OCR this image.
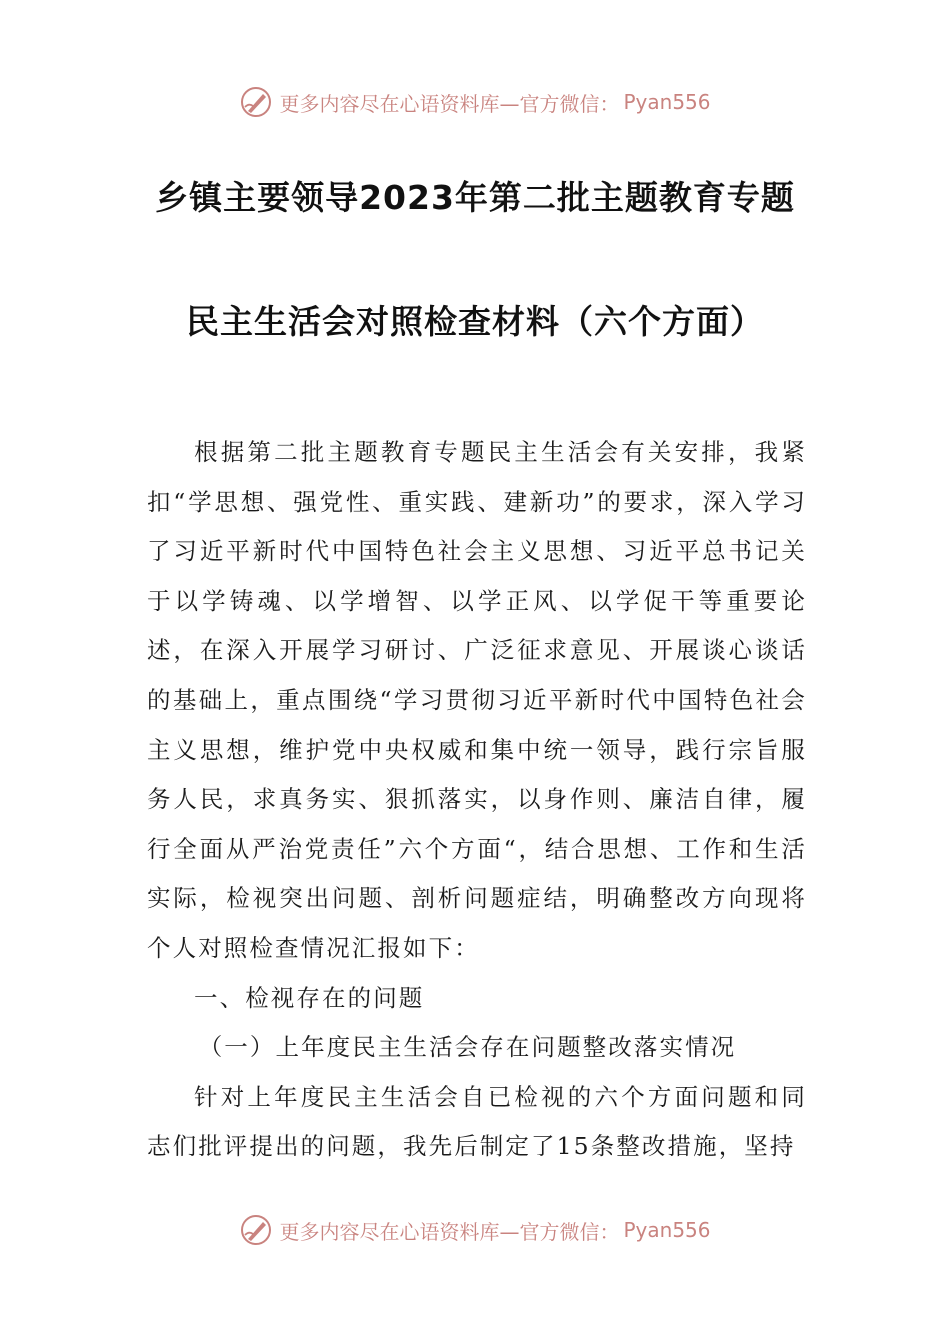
更多内容尽在心语资料库—官方微信： Pyan556
乡镇主要领导2023年第二批主题教育专题
民主生活会对照检查材料（六个方面）

根据第二批主题教育专题民主生活会有关安排，我紧扣“学思想、强党性、重实践、建新功”的要求，深入学习了习近平新时代中国特色社会主义思想、习近平总书记关于以学铸魂、以学增智、以学正风、以学促干等重要论述，在深入开展学习研讨、广泛征求意见、开展谈心谈话的基础上，重点围绕“学习贯彻习近平新时代中国特色社会主义思想，维护党中央权威和集中统一领导，践行宗旨服务人民，求真务实、狠抓落实，以身作则、廉洁自律，履行全面从严治党责任”六个方面“，结合思想、工作和生活实际，检视突出问题、剖析问题症结，明确整改方向现将个人对照检查情况汇报如下：

一、检视存在的问题

（一）上年度民主生活会存在问题整改落实情况

针对上年度民主生活会自已检视的六个方面问题和同志们批评提出的问题，我先后制定了15条整改措施，坚持

更多内容尽在心语资料库—官方微信： Pyan556
